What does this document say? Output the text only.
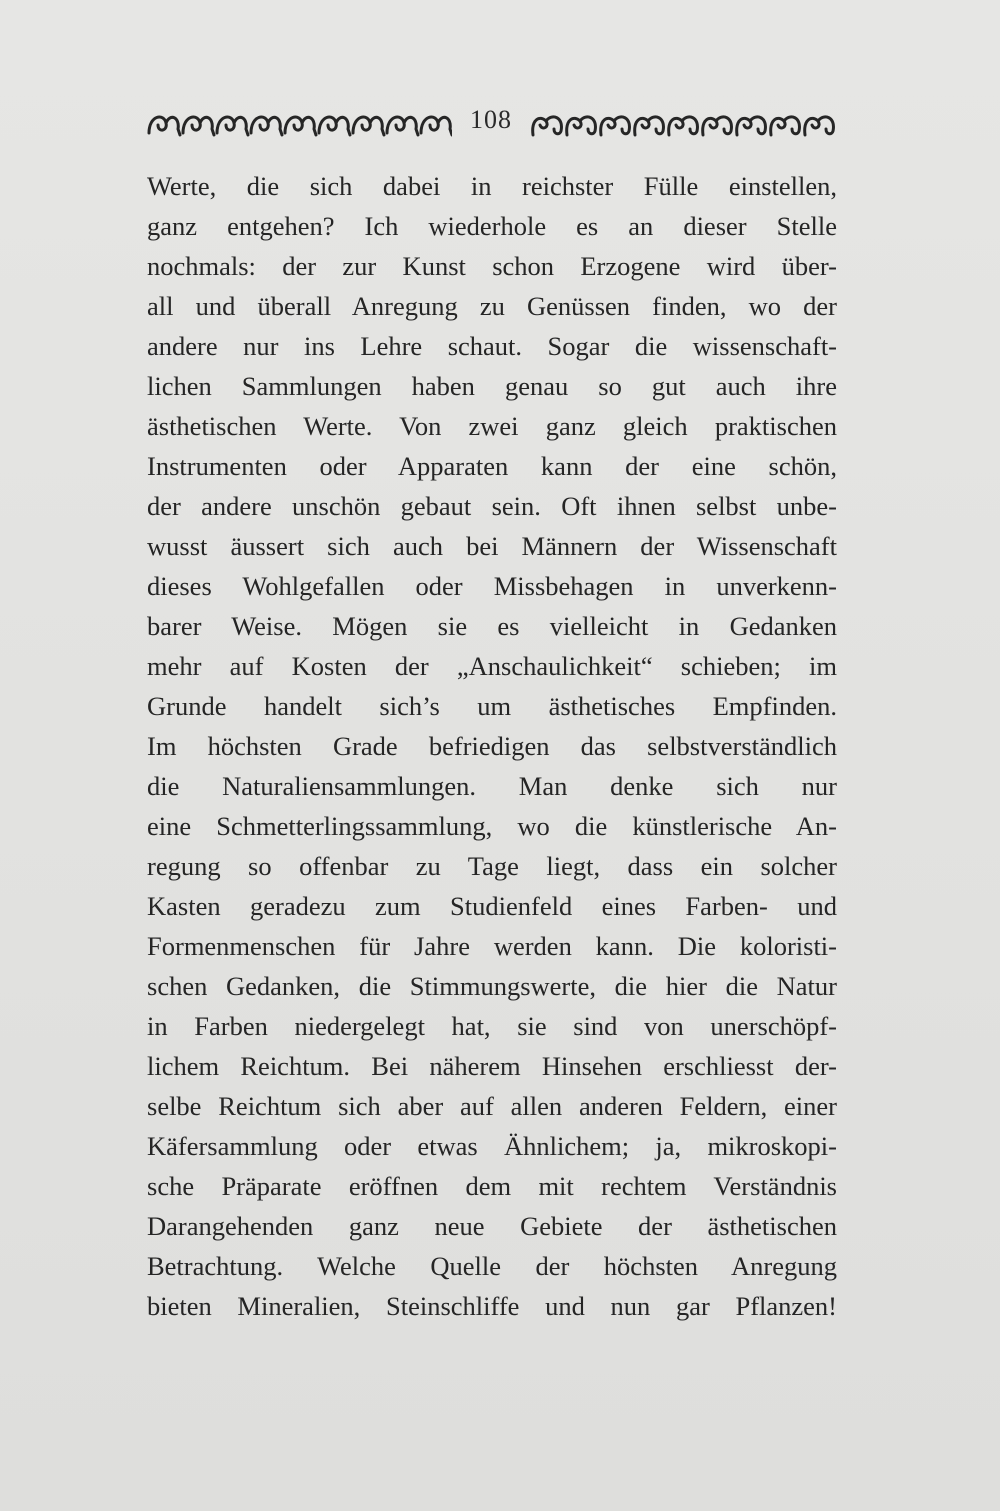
108
Werte, die sich dabei in reichster Fülle einstellen,
ganz entgehen? Ich wiederhole es an dieser Stelle
nochmals: der zur Kunst schon Erzogene wird über-
all und überall Anregung zu Genüssen finden, wo der
andere nur ins Lehre schaut. Sogar die wissenschaft-
lichen Sammlungen haben genau so gut auch ihre
ästhetischen Werte. Von zwei ganz gleich praktischen
Instrumenten oder Apparaten kann der eine schön,
der andere unschön gebaut sein. Oft ihnen selbst unbe-
wusst äussert sich auch bei Männern der Wissenschaft
dieses Wohlgefallen oder Missbehagen in unverkenn-
barer Weise. Mögen sie es vielleicht in Gedanken
mehr auf Kosten der „Anschaulichkeit“ schieben; im
Grunde handelt sich’s um ästhetisches Empfinden.
Im höchsten Grade befriedigen das selbstverständlich
die Naturaliensammlungen. Man denke sich nur
eine Schmetterlingssammlung, wo die künstlerische An-
regung so offenbar zu Tage liegt, dass ein solcher
Kasten geradezu zum Studienfeld eines Farben- und
Formenmenschen für Jahre werden kann. Die koloristi-
schen Gedanken, die Stimmungswerte, die hier die Natur
in Farben niedergelegt hat, sie sind von unerschöpf-
lichem Reichtum. Bei näherem Hinsehen erschliesst der-
selbe Reichtum sich aber auf allen anderen Feldern, einer
Käfersammlung oder etwas Ähnlichem; ja, mikroskopi-
sche Präparate eröffnen dem mit rechtem Verständnis
Darangehenden ganz neue Gebiete der ästhetischen
Betrachtung. Welche Quelle der höchsten Anregung
bieten Mineralien, Steinschliffe und nun gar Pflanzen!
